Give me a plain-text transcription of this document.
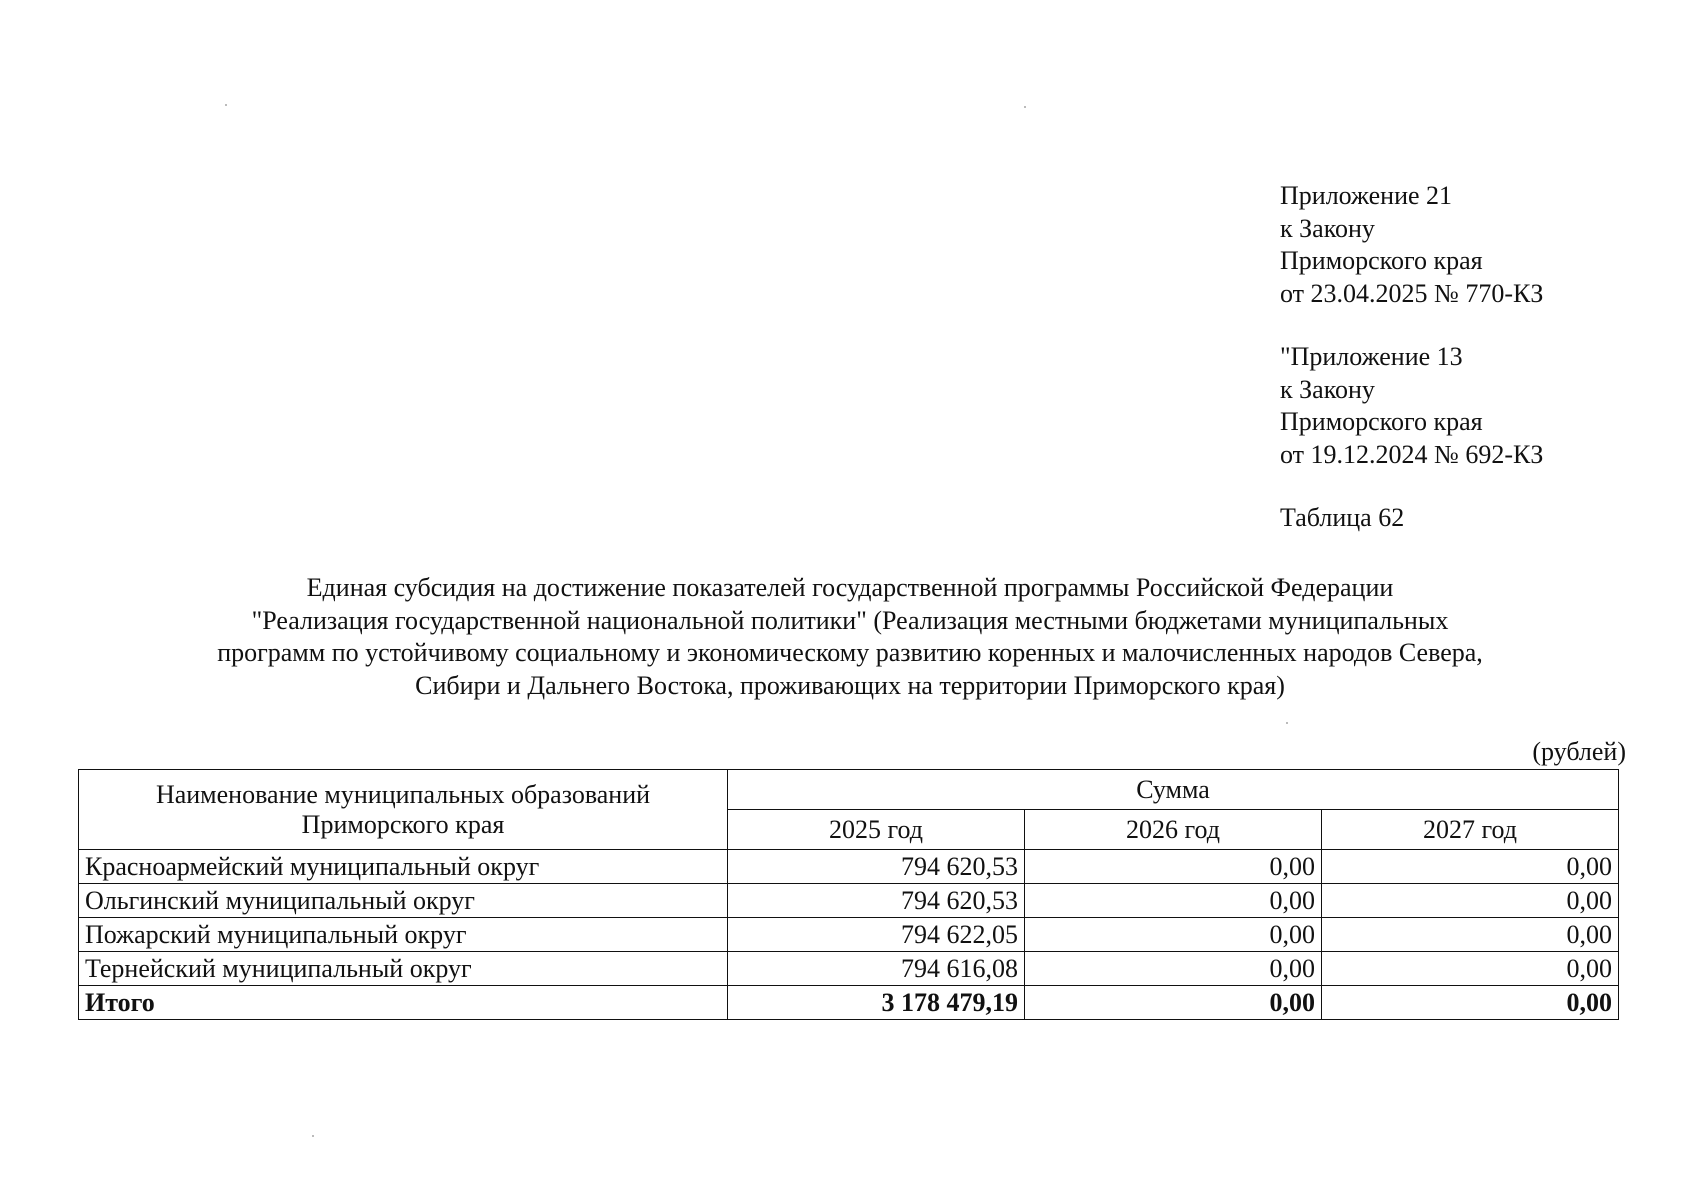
Приложение 21
к Закону
Приморского края
от 23.04.2025 № 770-КЗ
"Приложение 13
к Закону
Приморского края
от 19.12.2024 № 692-КЗ
Таблица 62
Единая субсидия на достижение показателей государственной программы Российской Федерации
"Реализация государственной национальной политики" (Реализация местными бюджетами муниципальных
программ по устойчивому социальному и экономическому развитию коренных и малочисленных народов Севера,
Сибири и Дальнего Востока, проживающих на территории Приморского края)
(рублей)
Наименование муниципальных образований
Приморского края	Сумма		
	2025 год	2026 год	2027 год
Красноармейский муниципальный округ	794 620,53	0,00	0,00
Ольгинский муниципальный округ	794 620,53	0,00	0,00
Пожарский муниципальный округ	794 622,05	0,00	0,00
Тернейский муниципальный округ	794 616,08	0,00	0,00
Итого	3 178 479,19	0,00	0,00
